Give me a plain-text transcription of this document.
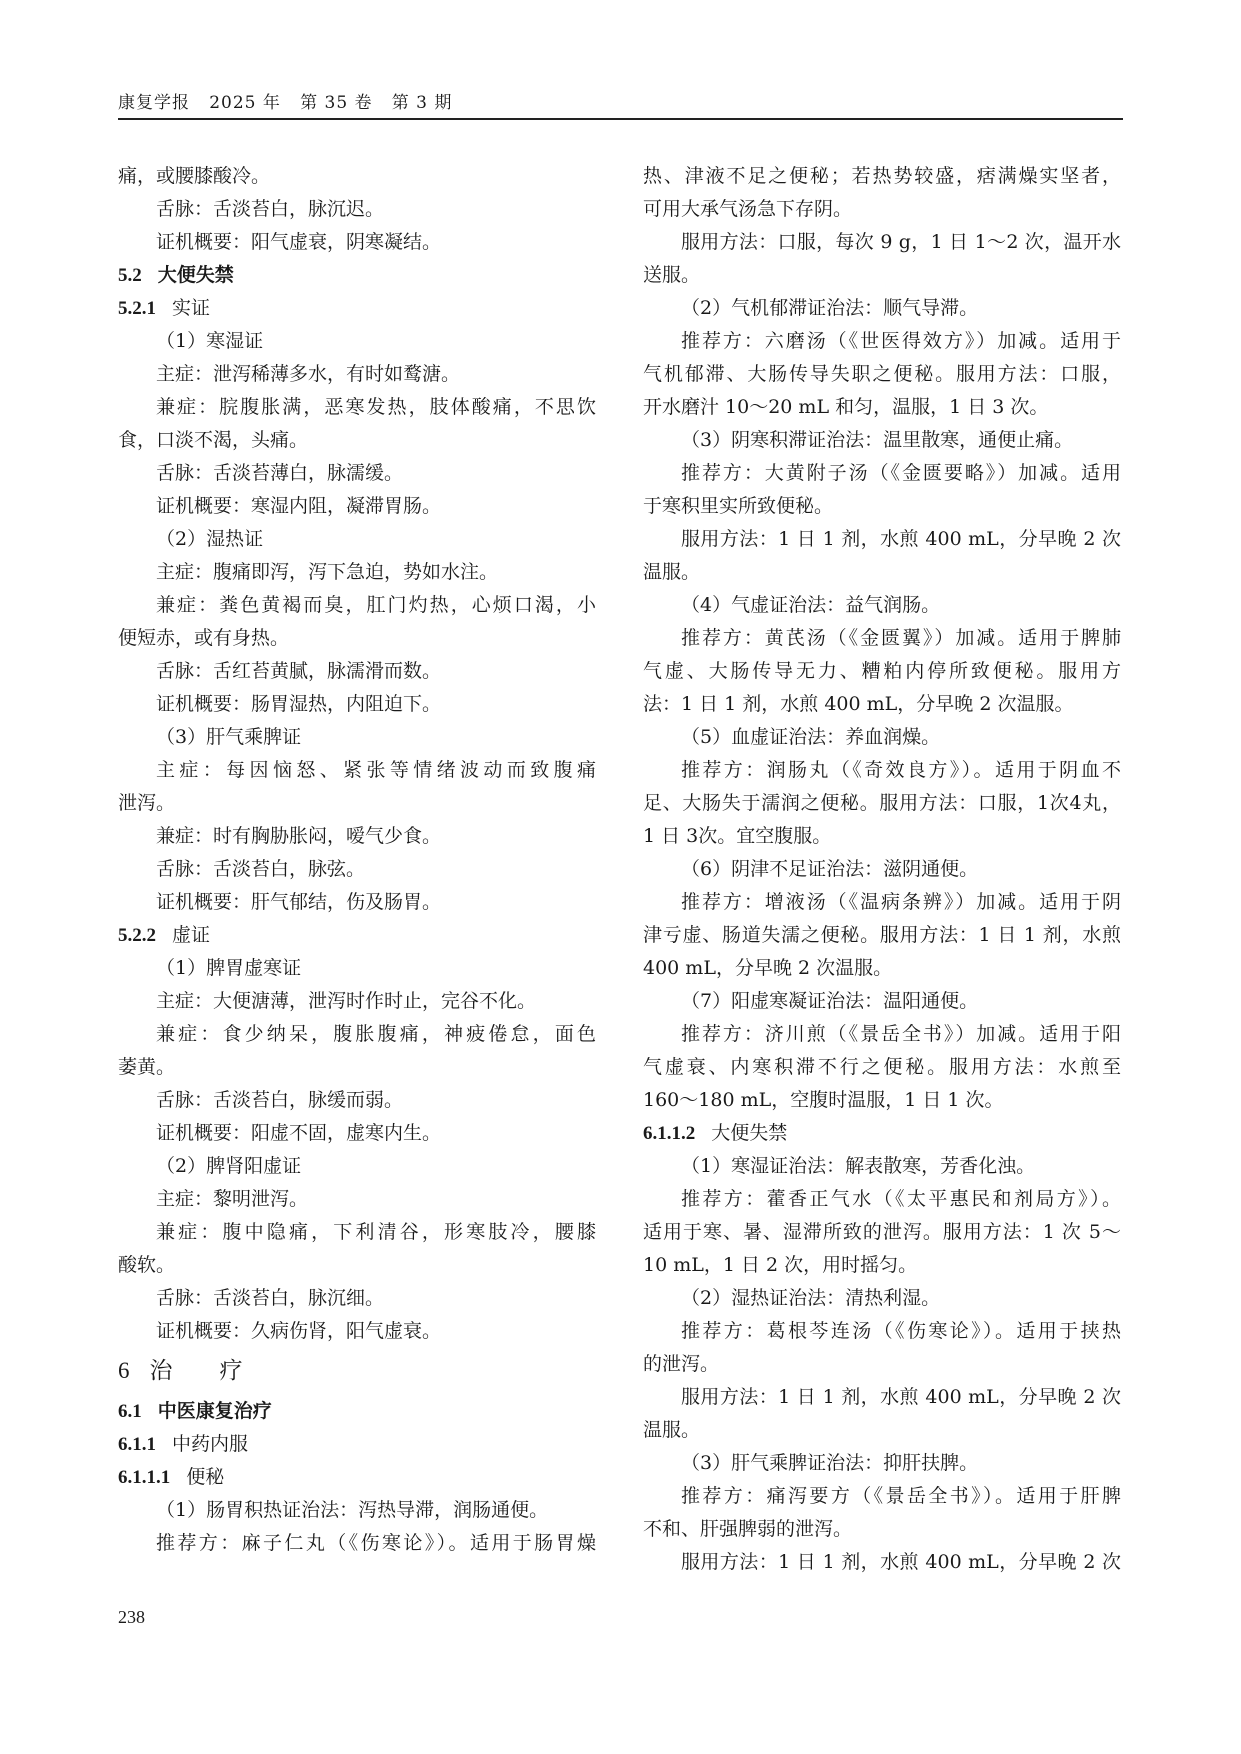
康复学报 2025 年 第 35 卷 第 3 期
痛，或腰膝酸冷。
舌脉：舌淡苔白，脉沉迟。
证机概要：阳气虚衰，阴寒凝结。
5.2 大便失禁
5.2.1 实证
（1）寒湿证
主症：泄泻稀薄多水，有时如鹜溏。
兼症：脘腹胀满，恶寒发热，肢体酸痛，不思饮
食，口淡不渴，头痛。
舌脉：舌淡苔薄白，脉濡缓。
证机概要：寒湿内阻，凝滞胃肠。
（2）湿热证
主症：腹痛即泻，泻下急迫，势如水注。
兼症：粪色黄褐而臭，肛门灼热，心烦口渴，小
便短赤，或有身热。
舌脉：舌红苔黄腻，脉濡滑而数。
证机概要：肠胃湿热，内阻迫下。
（3）肝气乘脾证
主症：每因恼怒、紧张等情绪波动而致腹痛
泄泻。
兼症：时有胸胁胀闷，嗳气少食。
舌脉：舌淡苔白，脉弦。
证机概要：肝气郁结，伤及肠胃。
5.2.2 虚证
（1）脾胃虚寒证
主症：大便溏薄，泄泻时作时止，完谷不化。
兼症：食少纳呆，腹胀腹痛，神疲倦怠，面色
萎黄。
舌脉：舌淡苔白，脉缓而弱。
证机概要：阳虚不固，虚寒内生。
（2）脾肾阳虚证
主症：黎明泄泻。
兼症：腹中隐痛，下利清谷，形寒肢冷，腰膝
酸软。
舌脉：舌淡苔白，脉沉细。
证机概要：久病伤肾，阳气虚衰。
6 治　疗
6.1 中医康复治疗
6.1.1 中药内服
6.1.1.1 便秘
（1）肠胃积热证治法：泻热导滞，润肠通便。
推荐方：麻子仁丸（《伤寒论》）。适用于肠胃燥
热、津液不足之便秘；若热势较盛，痞满燥实坚者，
可用大承气汤急下存阴。
服用方法：口服，每次 9 g，1 日 1～2 次，温开水
送服。
（2）气机郁滞证治法：顺气导滞。
推荐方：六磨汤（《世医得效方》）加减。适用于
气机郁滞、大肠传导失职之便秘。服用方法：口服，
开水磨汁 10～20 mL 和匀，温服，1 日 3 次。
（3）阴寒积滞证治法：温里散寒，通便止痛。
推荐方：大黄附子汤（《金匮要略》）加减。适用
于寒积里实所致便秘。
服用方法：1 日 1 剂，水煎 400 mL，分早晚 2 次
温服。
（4）气虚证治法：益气润肠。
推荐方：黄芪汤（《金匮翼》）加减。适用于脾肺
气虚、大肠传导无力、糟粕内停所致便秘。服用方
法：1 日 1 剂，水煎 400 mL，分早晚 2 次温服。
（5）血虚证治法：养血润燥。
推荐方：润肠丸（《奇效良方》）。适用于阴血不
足、大肠失于濡润之便秘。服用方法：口服，1次4丸，
1 日 3次。宜空腹服。
（6）阴津不足证治法：滋阴通便。
推荐方：增液汤（《温病条辨》）加减。适用于阴
津亏虚、肠道失濡之便秘。服用方法：1 日 1 剂，水煎
400 mL，分早晚 2 次温服。
（7）阳虚寒凝证治法：温阳通便。
推荐方：济川煎（《景岳全书》）加减。适用于阳
气虚衰、内寒积滞不行之便秘。服用方法：水煎至
160～180 mL，空腹时温服，1 日 1 次。
6.1.1.2 大便失禁
（1）寒湿证治法：解表散寒，芳香化浊。
推荐方：藿香正气水（《太平惠民和剂局方》）。
适用于寒、暑、湿滞所致的泄泻。服用方法：1 次 5～
10 mL，1 日 2 次，用时摇匀。
（2）湿热证治法：清热利湿。
推荐方：葛根芩连汤（《伤寒论》）。适用于挟热
的泄泻。
服用方法：1 日 1 剂，水煎 400 mL，分早晚 2 次
温服。
（3）肝气乘脾证治法：抑肝扶脾。
推荐方：痛泻要方（《景岳全书》）。适用于肝脾
不和、肝强脾弱的泄泻。
服用方法：1 日 1 剂，水煎 400 mL，分早晚 2 次
238
